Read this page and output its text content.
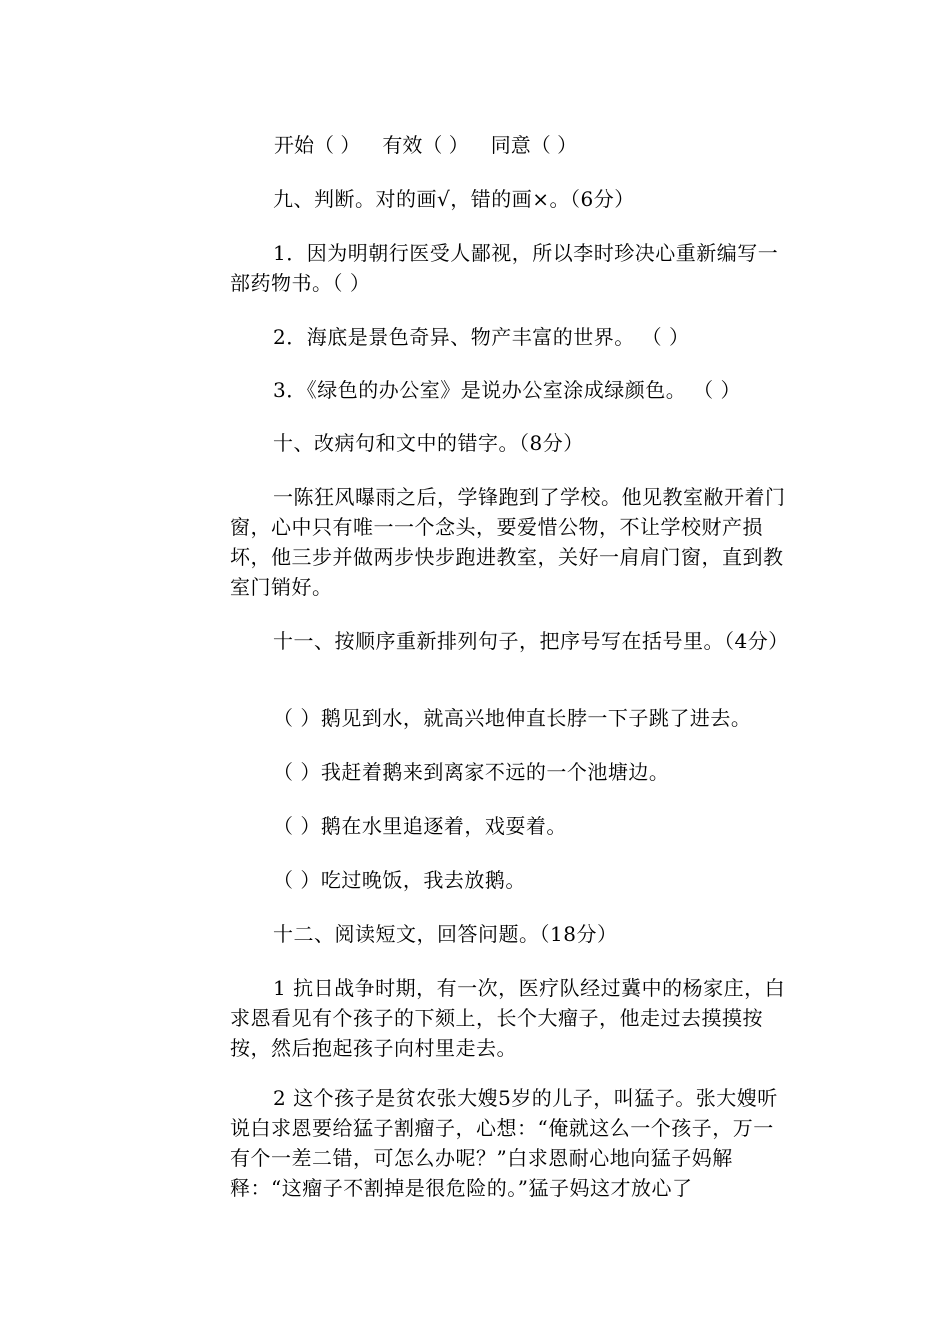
开始（ ） 有效（ ） 同意（ ）
九、判断。对的画√，错的画×。（6分）
1．因为明朝行医受人鄙视，所以李时珍决心重新编写一部药物书。（ ）
2．海底是景色奇异、物产丰富的世界。 （ ）
3．《绿色的办公室》是说办公室涂成绿颜色。 （ ）
十、改病句和文中的错字。（8分）
一陈狂风曝雨之后，学锋跑到了学校。他见教室敝开着门窗，心中只有唯一一个念头，要爱惜公物，不让学校财产损坏，他三步并做两步快步跑进教室，关好一肩肩门窗，直到教室门销好。
十一、按顺序重新排列句子，把序号写在括号里。（4分）
（ ）鹅见到水，就高兴地伸直长脖一下子跳了进去。
（ ）我赶着鹅来到离家不远的一个池塘边。
（ ）鹅在水里追逐着，戏耍着。
（ ）吃过晚饭，我去放鹅。
十二、阅读短文，回答问题。（18分）
1 抗日战争时期，有一次，医疗队经过冀中的杨家庄，白求恩看见有个孩子的下颏上，长个大瘤子，他走过去摸摸按按，然后抱起孩子向村里走去。
2 这个孩子是贫农张大嫂5岁的儿子，叫猛子。张大嫂听说白求恩要给猛子割瘤子，心想：“俺就这么一个孩子，万一有个一差二错，可怎么办呢？”白求恩耐心地向猛子妈解释：“这瘤子不割掉是很危险的。”猛子妈这才放心了
